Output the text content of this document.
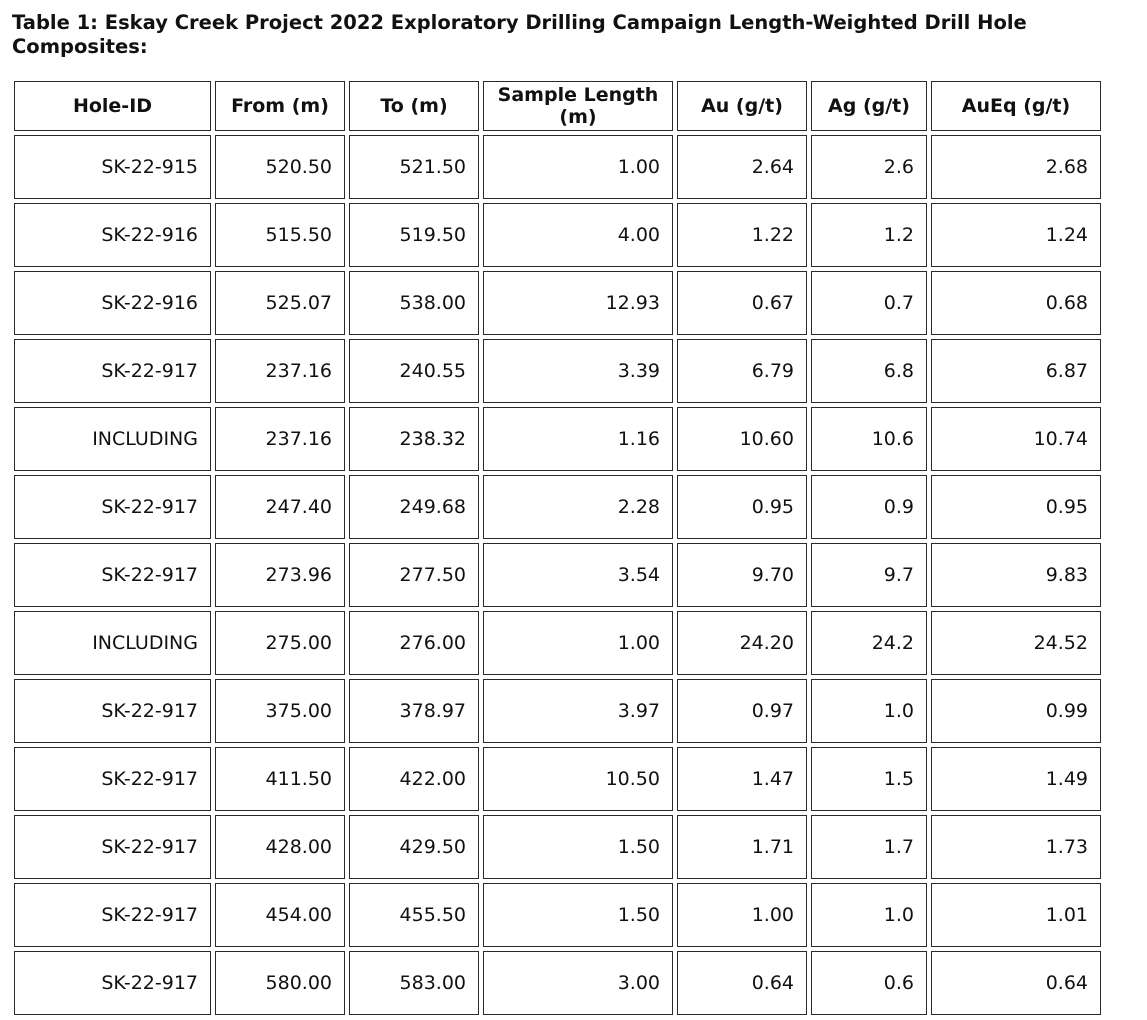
Table 1: Eskay Creek Project 2022 Exploratory Drilling Campaign Length-Weighted Drill Hole
Composites:
Hole-ID	From (m)	To (m)	Sample Length (m)	Au (g/t)	Ag (g/t)	AuEq (g/t)
SK-22-915	520.50	521.50	1.00	2.64	2.6	2.68
SK-22-916	515.50	519.50	4.00	1.22	1.2	1.24
SK-22-916	525.07	538.00	12.93	0.67	0.7	0.68
SK-22-917	237.16	240.55	3.39	6.79	6.8	6.87
INCLUDING	237.16	238.32	1.16	10.60	10.6	10.74
SK-22-917	247.40	249.68	2.28	0.95	0.9	0.95
SK-22-917	273.96	277.50	3.54	9.70	9.7	9.83
INCLUDING	275.00	276.00	1.00	24.20	24.2	24.52
SK-22-917	375.00	378.97	3.97	0.97	1.0	0.99
SK-22-917	411.50	422.00	10.50	1.47	1.5	1.49
SK-22-917	428.00	429.50	1.50	1.71	1.7	1.73
SK-22-917	454.00	455.50	1.50	1.00	1.0	1.01
SK-22-917	580.00	583.00	3.00	0.64	0.6	0.64
